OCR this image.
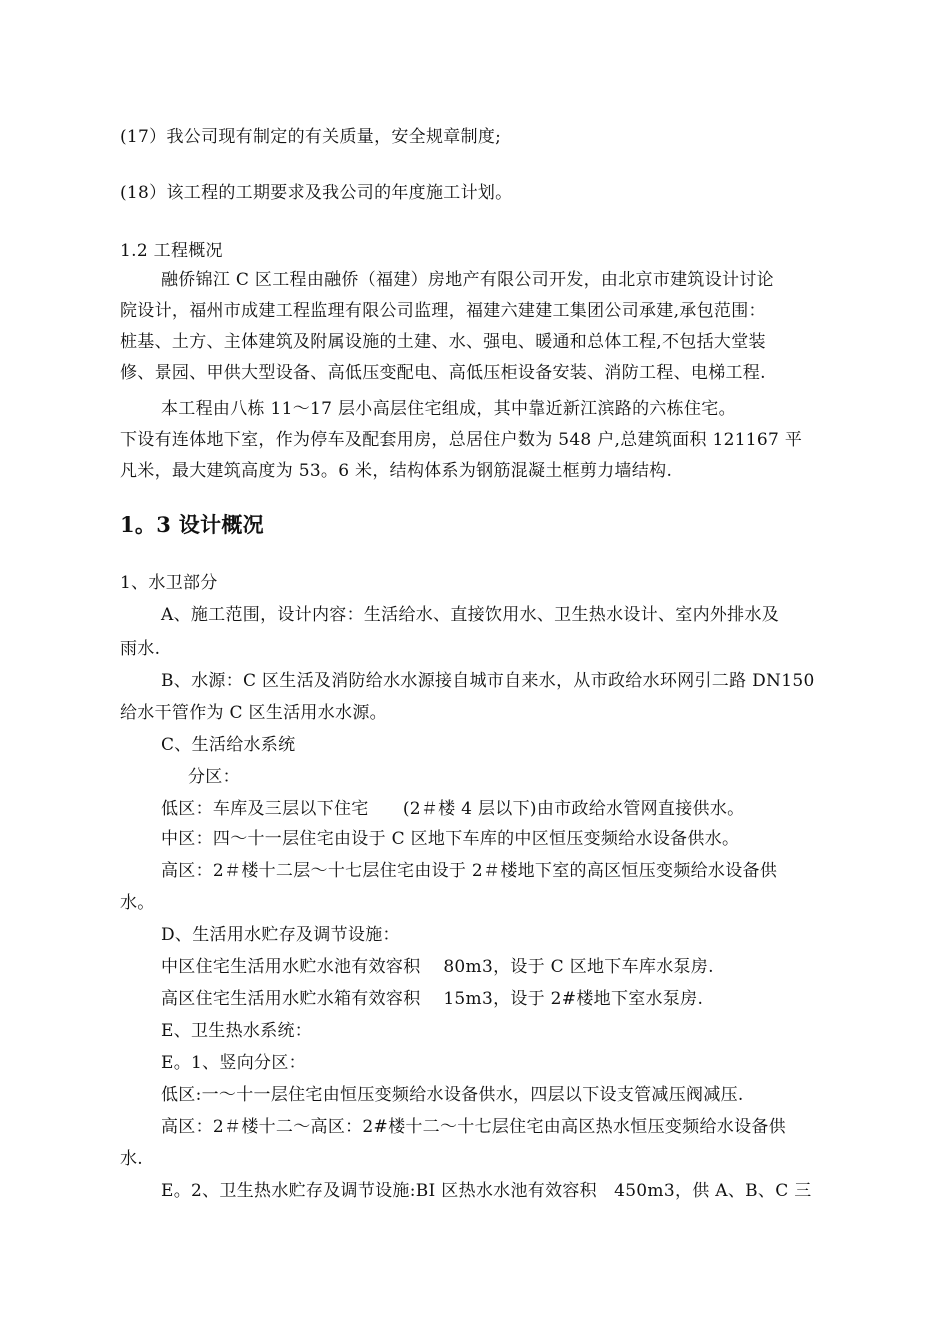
(17）我公司现有制定的有关质量，安全规章制度;
(18）该工程的工期要求及我公司的年度施工计划。
1.2 工程概况
融侨锦江 C 区工程由融侨（福建）房地产有限公司开发，由北京市建筑设计讨论
院设计，福州市成建工程监理有限公司监理，福建六建建工集团公司承建,承包范围：
桩基、土方、主体建筑及附属设施的土建、水、强电、暖通和总体工程,不包括大堂装
修、景园、甲供大型设备、高低压变配电、高低压柜设备安装、消防工程、电梯工程.
本工程由八栋 11～17 层小高层住宅组成，其中靠近新江滨路的六栋住宅。
下设有连体地下室，作为停车及配套用房，总居住户数为 548 户,总建筑面积 121167 平
凡米，最大建筑高度为 53。6 米，结构体系为钢筋混凝土框剪力墙结构.
1。3 设计概况
1、水卫部分
A、施工范围，设计内容：生活给水、直接饮用水、卫生热水设计、室内外排水及
雨水.
B、水源：C 区生活及消防给水水源接自城市自来水，从市政给水环网引二路 DN150
给水干管作为 C 区生活用水水源。
C、生活给水系统
分区：
低区：车库及三层以下住宅      (2＃楼 4 层以下)由市政给水管网直接供水。
中区：四～十一层住宅由设于 C 区地下车库的中区恒压变频给水设备供水。
高区：2＃楼十二层～十七层住宅由设于 2＃楼地下室的高区恒压变频给水设备供
水。
D、生活用水贮存及调节设施：
中区住宅生活用水贮水池有效容积    80m3，设于 C 区地下车库水泵房.
高区住宅生活用水贮水箱有效容积    15m3，设于 2#楼地下室水泵房.
E、卫生热水系统：
E。1、竖向分区：
低区:一～十一层住宅由恒压变频给水设备供水，四层以下设支管减压阀减压.
高区：2＃楼十二～高区：2#楼十二～十七层住宅由高区热水恒压变频给水设备供
水.
E。2、卫生热水贮存及调节设施:BⅠ 区热水水池有效容积   450m3，供 A、B、C 三
